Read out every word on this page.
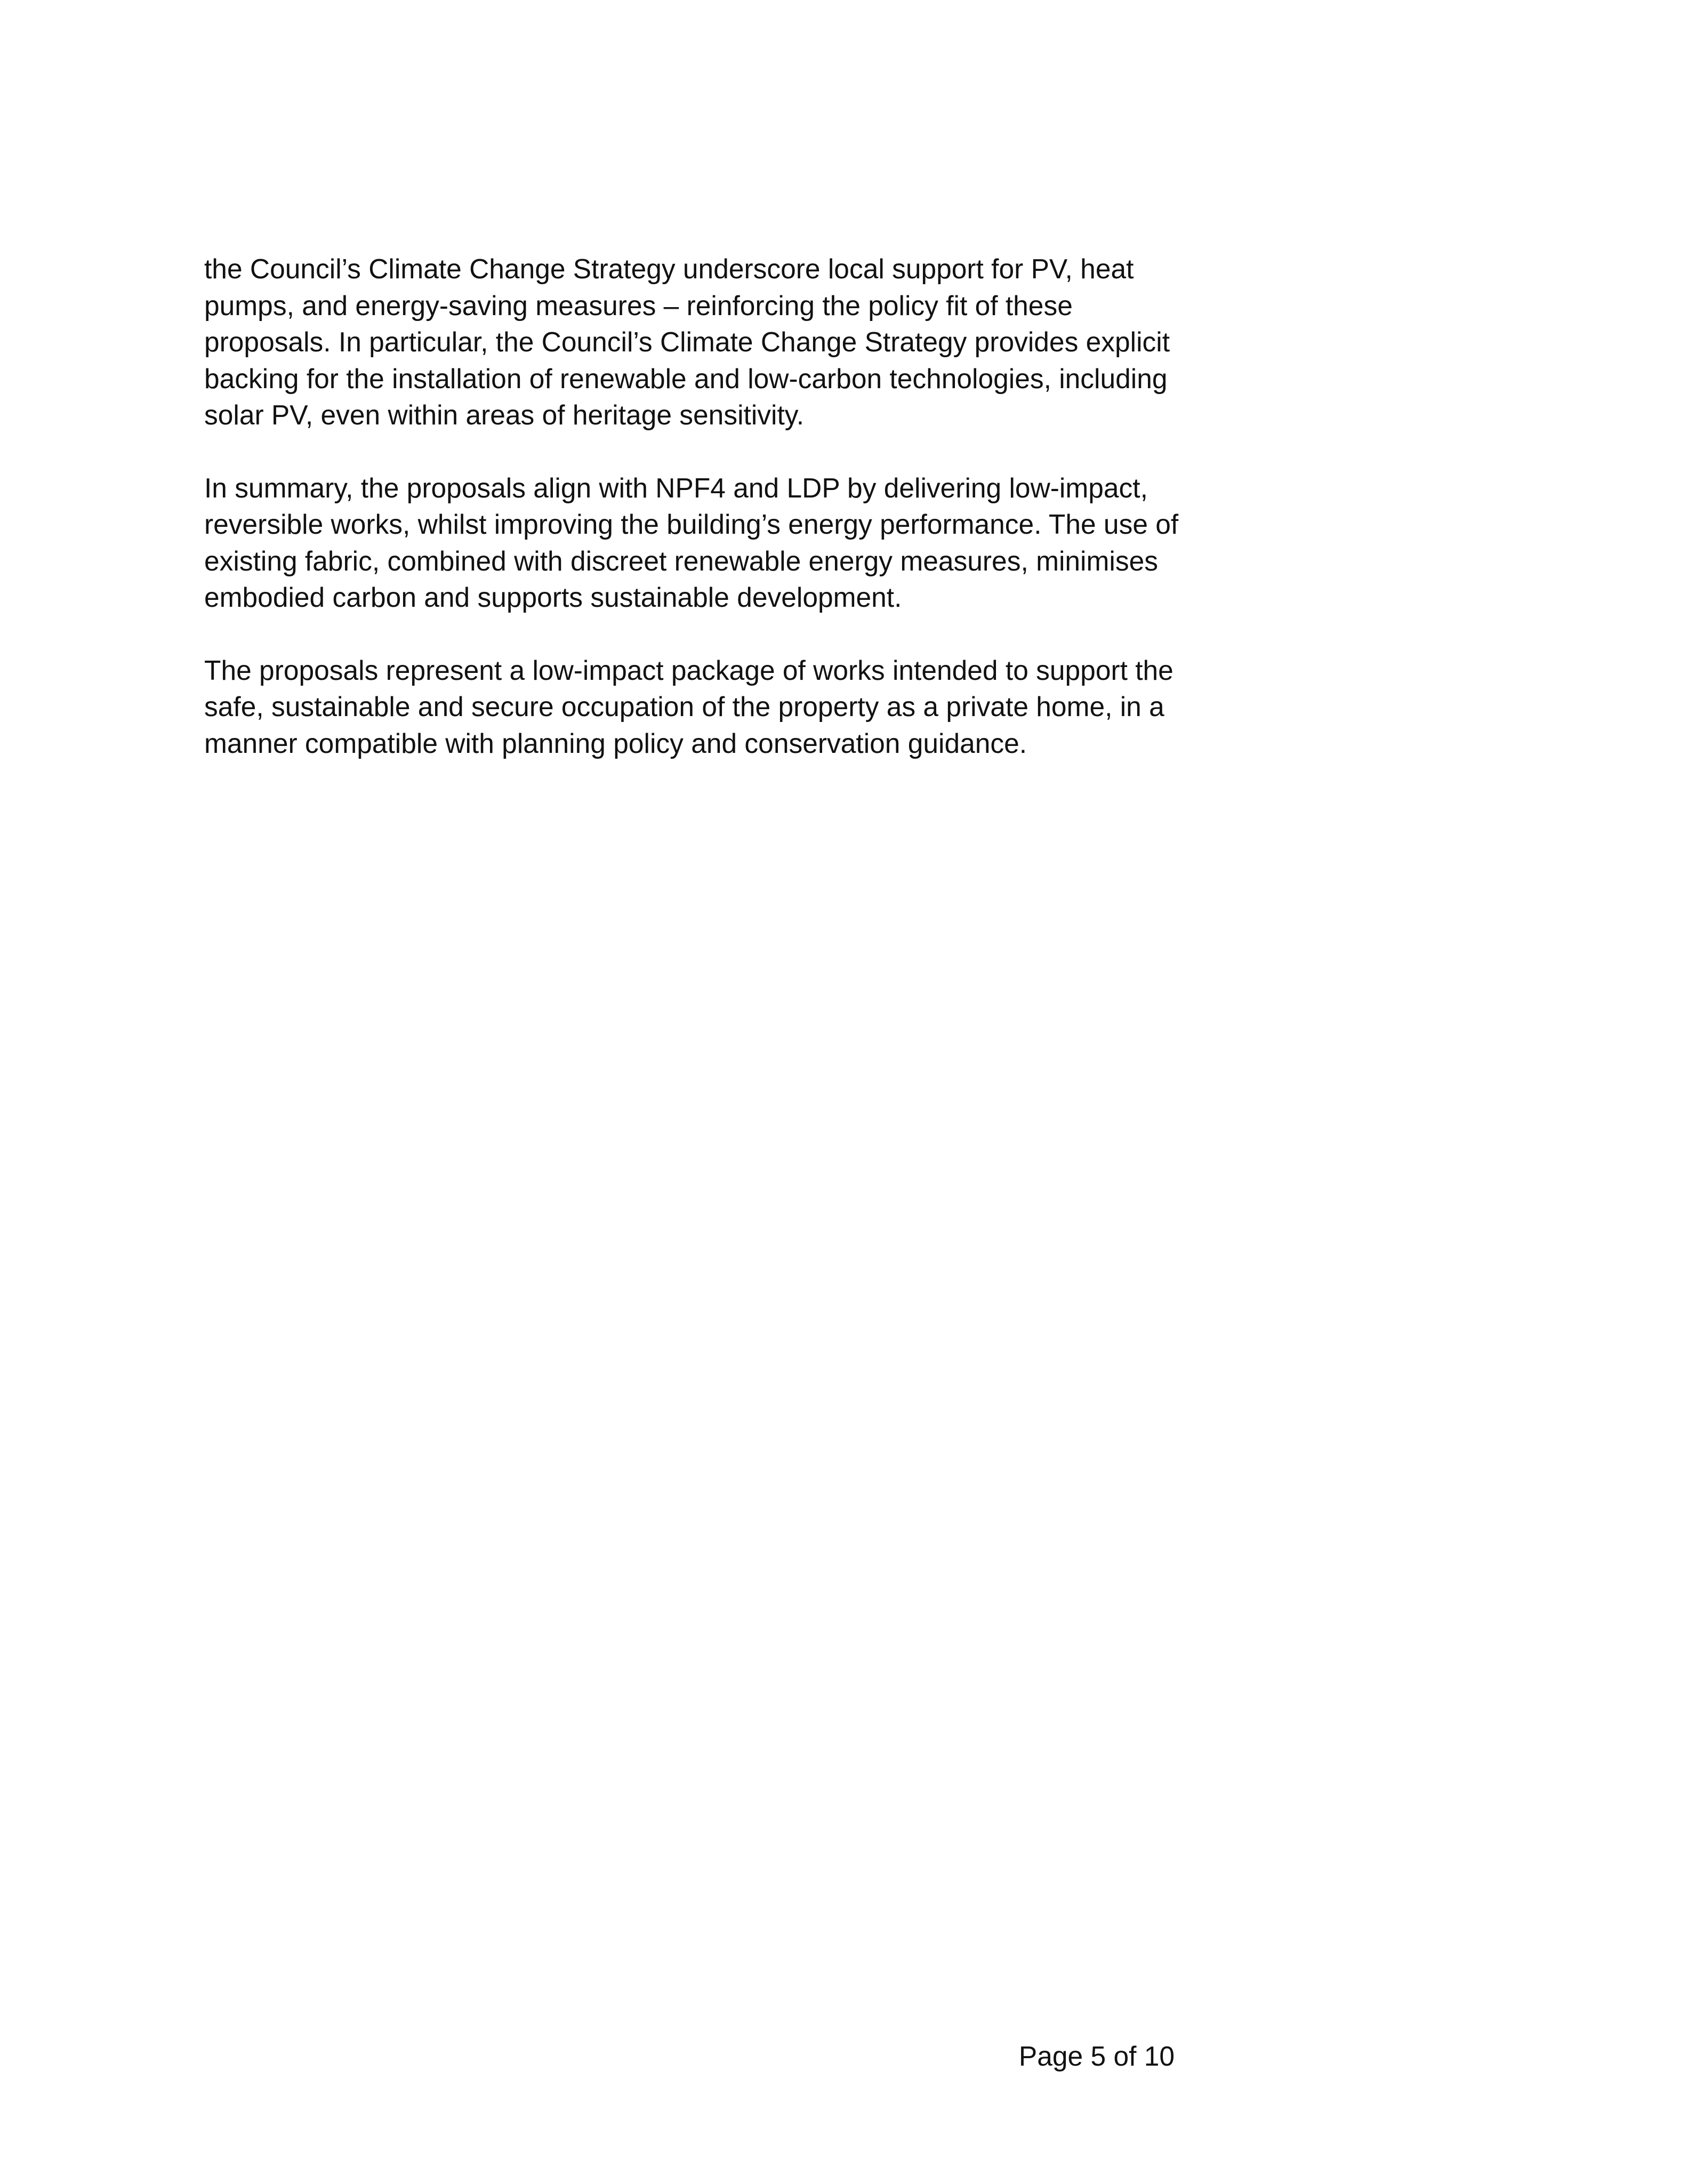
the Council’s Climate Change Strategy underscore local support for PV, heat
pumps, and energy-saving measures – reinforcing the policy fit of these
proposals. In particular, the Council’s Climate Change Strategy provides explicit
backing for the installation of renewable and low-carbon technologies, including
solar PV, even within areas of heritage sensitivity.

In summary, the proposals align with NPF4 and LDP by delivering low-impact,
reversible works, whilst improving the building’s energy performance. The use of
existing fabric, combined with discreet renewable energy measures, minimises
embodied carbon and supports sustainable development.

The proposals represent a low-impact package of works intended to support the
safe, sustainable and secure occupation of the property as a private home, in a
manner compatible with planning policy and conservation guidance.

Page 5 of 10
